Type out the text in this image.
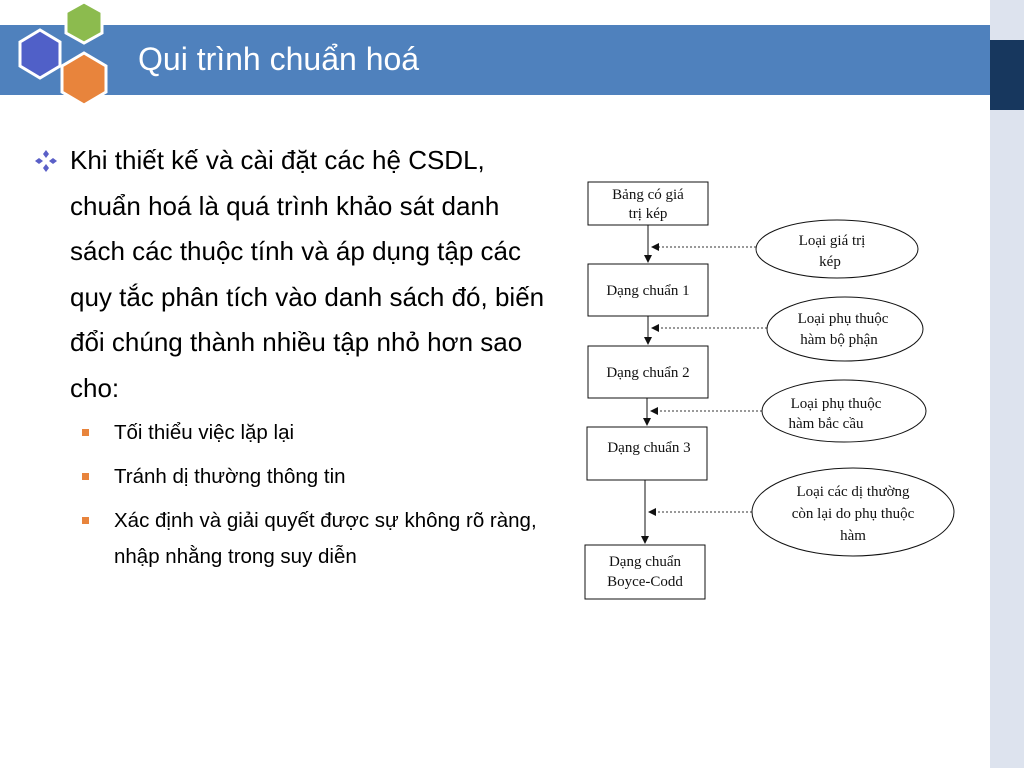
Qui trình chuẩn hoá
Khi thiết kế và cài đặt các hệ CSDL, chuẩn hoá là quá trình khảo sát danh sách các thuộc tính và áp dụng tập các quy tắc phân tích vào danh sách đó, biến đổi chúng thành nhiều tập nhỏ hơn sao cho:
Tối thiểu việc lặp lại
Tránh dị thường thông tin
Xác định và giải quyết được sự không rõ ràng, nhập nhằng trong suy diễn
Bảng có giá
trị kép
Dạng chuẩn 1
Dạng chuẩn 2
Dạng chuẩn 3
Dạng chuẩn
Boyce-Codd
Loại giá trị
kép
Loại phụ thuộc
hàm bộ phận
Loại phụ thuộc
hàm bắc cầu
Loại các dị thường
còn lại do phụ thuộc
hàm
